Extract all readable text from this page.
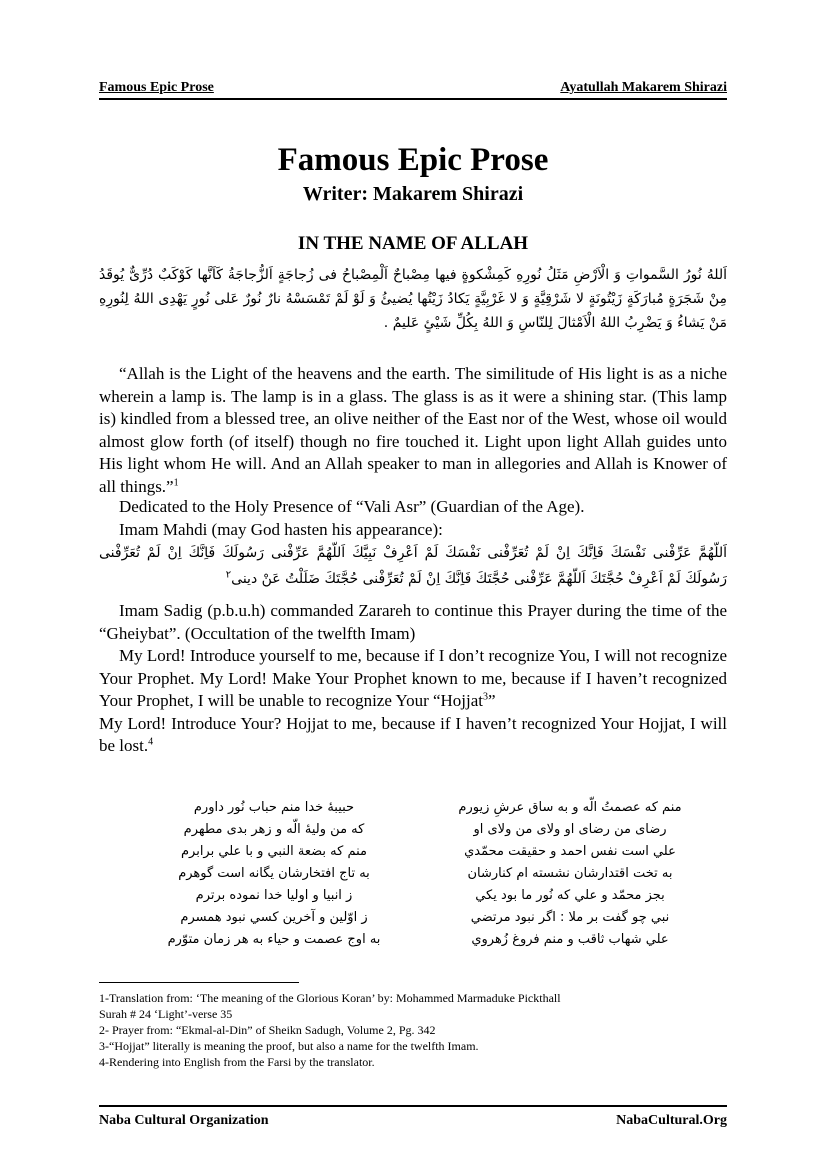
Famous Epic Prose	Ayatullah Makarem Shirazi
Famous Epic Prose
Writer: Makarem Shirazi
IN THE NAME OF ALLAH
اَللهُ نُورُ السَّمواتِ وَ الْاَرْضِ مَثَلُ نُورِهِ كَمِشْكوةٍ فيها مِصْباحٌ اَلْمِصْباحُ فى زُجاجَةٍ اَلزُّجاجَةُ كَاَنَّها كَوْكَبٌ دُرِّىٌّ يُوقَدُ مِنْ شَجَرَةٍ مُبارَكَةٍ زَيْتُونَةٍ لا شَرْقِيَّةٍ وَ لا غَرْبِيَّةٍ يَكادُ زَيْتُها يُضيئُ وَ لَوْ لَمْ تَمْسَسْهُ نارٌ نُورٌ عَلى نُورٍ يَهْدِى اللهُ لِنُورِهِ مَنْ يَشاءُ وَ يَضْرِبُ اللهُ الْاَمْثالَ لِلنّاسِ وَ اللهُ بِكُلِّ شَيْئٍ عَليمٌ .

“Allah is the Light of the heavens and the earth. The similitude of His light is as a niche wherein a lamp is. The lamp is in a glass. The glass is as it were a shining star. (This lamp is) kindled from a blessed tree, an olive neither of the East nor of the West, whose oil would almost glow forth (of itself) though no fire touched it. Light upon light Allah guides unto His light whom He will. And an Allah speaker to man in allegories and Allah is Knower of all things.”$^1$

Dedicated to the Holy Presence of “Vali Asr” (Guardian of the Age).

Imam Mahdi (may God hasten his appearance):

اَللّهُمَّ عَرِّفْنى نَفْسَكَ فَاِنَّكَ اِنْ لَمْ تُعَرِّفْنى نَفْسَكَ لَمْ اَعْرِفْ نَبِيَّكَ اَللّهُمَّ عَرِّفْنى رَسُولَكَ فَاِنَّكَ اِنْ لَمْ تُعَرِّفْنى رَسُولَكَ لَمْ اَعْرِفْ حُجَّتَكَ اَللّهُمَّ عَرِّفْنى حُجَّتَكَ فَاِنَّكَ اِنْ لَمْ تُعَرِّفْنى حُجَّتَكَ ضَلَلْتُ عَنْ دينى$^٢$

Imam Sadig (p.b.u.h) commanded Zarareh to continue this Prayer during the time of the “Gheiybat”. (Occultation of the twelfth Imam)

My Lord! Introduce yourself to me, because if I don’t recognize You, I will not recognize Your Prophet. My Lord! Make Your Prophet known to me, because if I haven’t recognized Your Prophet, I will be unable to recognize Your “Hojjat$^3$”

My Lord! Introduce Your? Hojjat to me, because if I haven’t recognized Your Hojjat, I will be lost.$^4$

منم كه عصمتُ الّه و به ساق عرشِ زيورم
حبيبۀ خدا منم حباب نُور داورم
رضاى من رضاى او ولاى من ولاى او
كه من وليۀ الّه و زهر بدى مطهرم
علي است نفس احمد و حقيقت محمّدي
منم كه بضعة النبي و با علي برابرم
به تخت اقتدارشان نشسته ام كنارشان
به تاج افتخارشان يگانه است گوهرم
بجز محمّد و علي كه نُور ما بود يكي
ز انبيا و اوليا خدا نموده برترم
نبي چو گفت بر ملا : اگر نبود مرتضي
ز اوّلين و آخرين كسي نبود همسرم
علي شهاب ثاقب و منم فروغ زُهروي
به اوج عصمت و حياء به هر زمان متوّرم
1-Translation from: ‘The meaning of the Glorious Koran’ by: Mohammed Marmaduke Pickthall
Surah # 24 ‘Light’-verse 35
2- Prayer from: “Ekmal-al-Din” of Sheikn Sadugh, Volume 2, Pg. 342
3-“Hojjat” literally is meaning the proof, but also a name for the twelfth Imam.
4-Rendering into English from the Farsi by the translator.
Naba Cultural Organization	NabaCultural.Org
